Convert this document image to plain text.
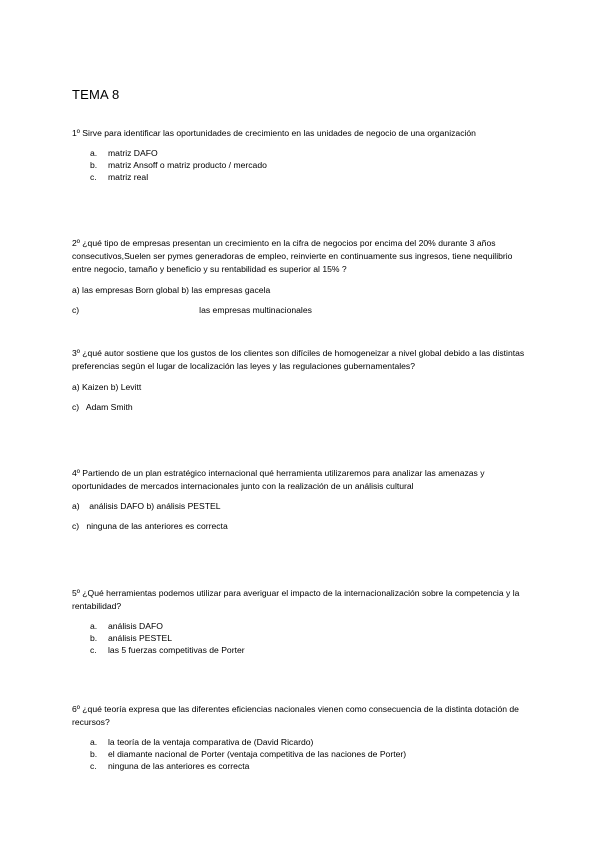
TEMA 8
1º Sirve para identificar las oportunidades de crecimiento en las unidades de negocio de una organización
a. matriz DAFO
b. matriz Ansoff o matriz producto / mercado
c. matriz real
2º ¿qué tipo de empresas presentan un crecimiento en la cifra de negocios por encima del 20% durante 3 años consecutivos,Suelen ser pymes generadoras de empleo, reinvierte en continuamente sus ingresos, tiene nequilibrio entre negocio, tamaño y beneficio y su rentabilidad es superior al 15% ?
a) las empresas Born global b) las empresas gacela
c)	las empresas multinacionales
3º ¿qué autor sostiene que los gustos de los clientes son difíciles de homogeneizar a nivel global debido a las distintas preferencias según el lugar de localización las leyes y las regulaciones gubernamentales?
a) Kaizen b) Levitt
c)   Adam Smith
4º Partiendo de un plan estratégico internacional qué herramienta utilizaremos para analizar las amenazas y oportunidades de mercados internacionales junto con la realización de un análisis cultural
a)    análisis DAFO b) análisis PESTEL
c)   ninguna de las anteriores es correcta
5º ¿Qué herramientas podemos utilizar para averiguar el impacto de la internacionalización sobre la competencia y la rentabilidad?
a. análisis DAFO
b. análisis PESTEL
c. las 5 fuerzas competitivas de Porter
6º ¿qué teoría expresa que las diferentes eficiencias nacionales vienen como consecuencia de la distinta dotación de recursos?
a. la teoría de la ventaja comparativa de (David Ricardo)
b. el diamante nacional de Porter (ventaja competitiva de las naciones de Porter)
c. ninguna de las anteriores es correcta
